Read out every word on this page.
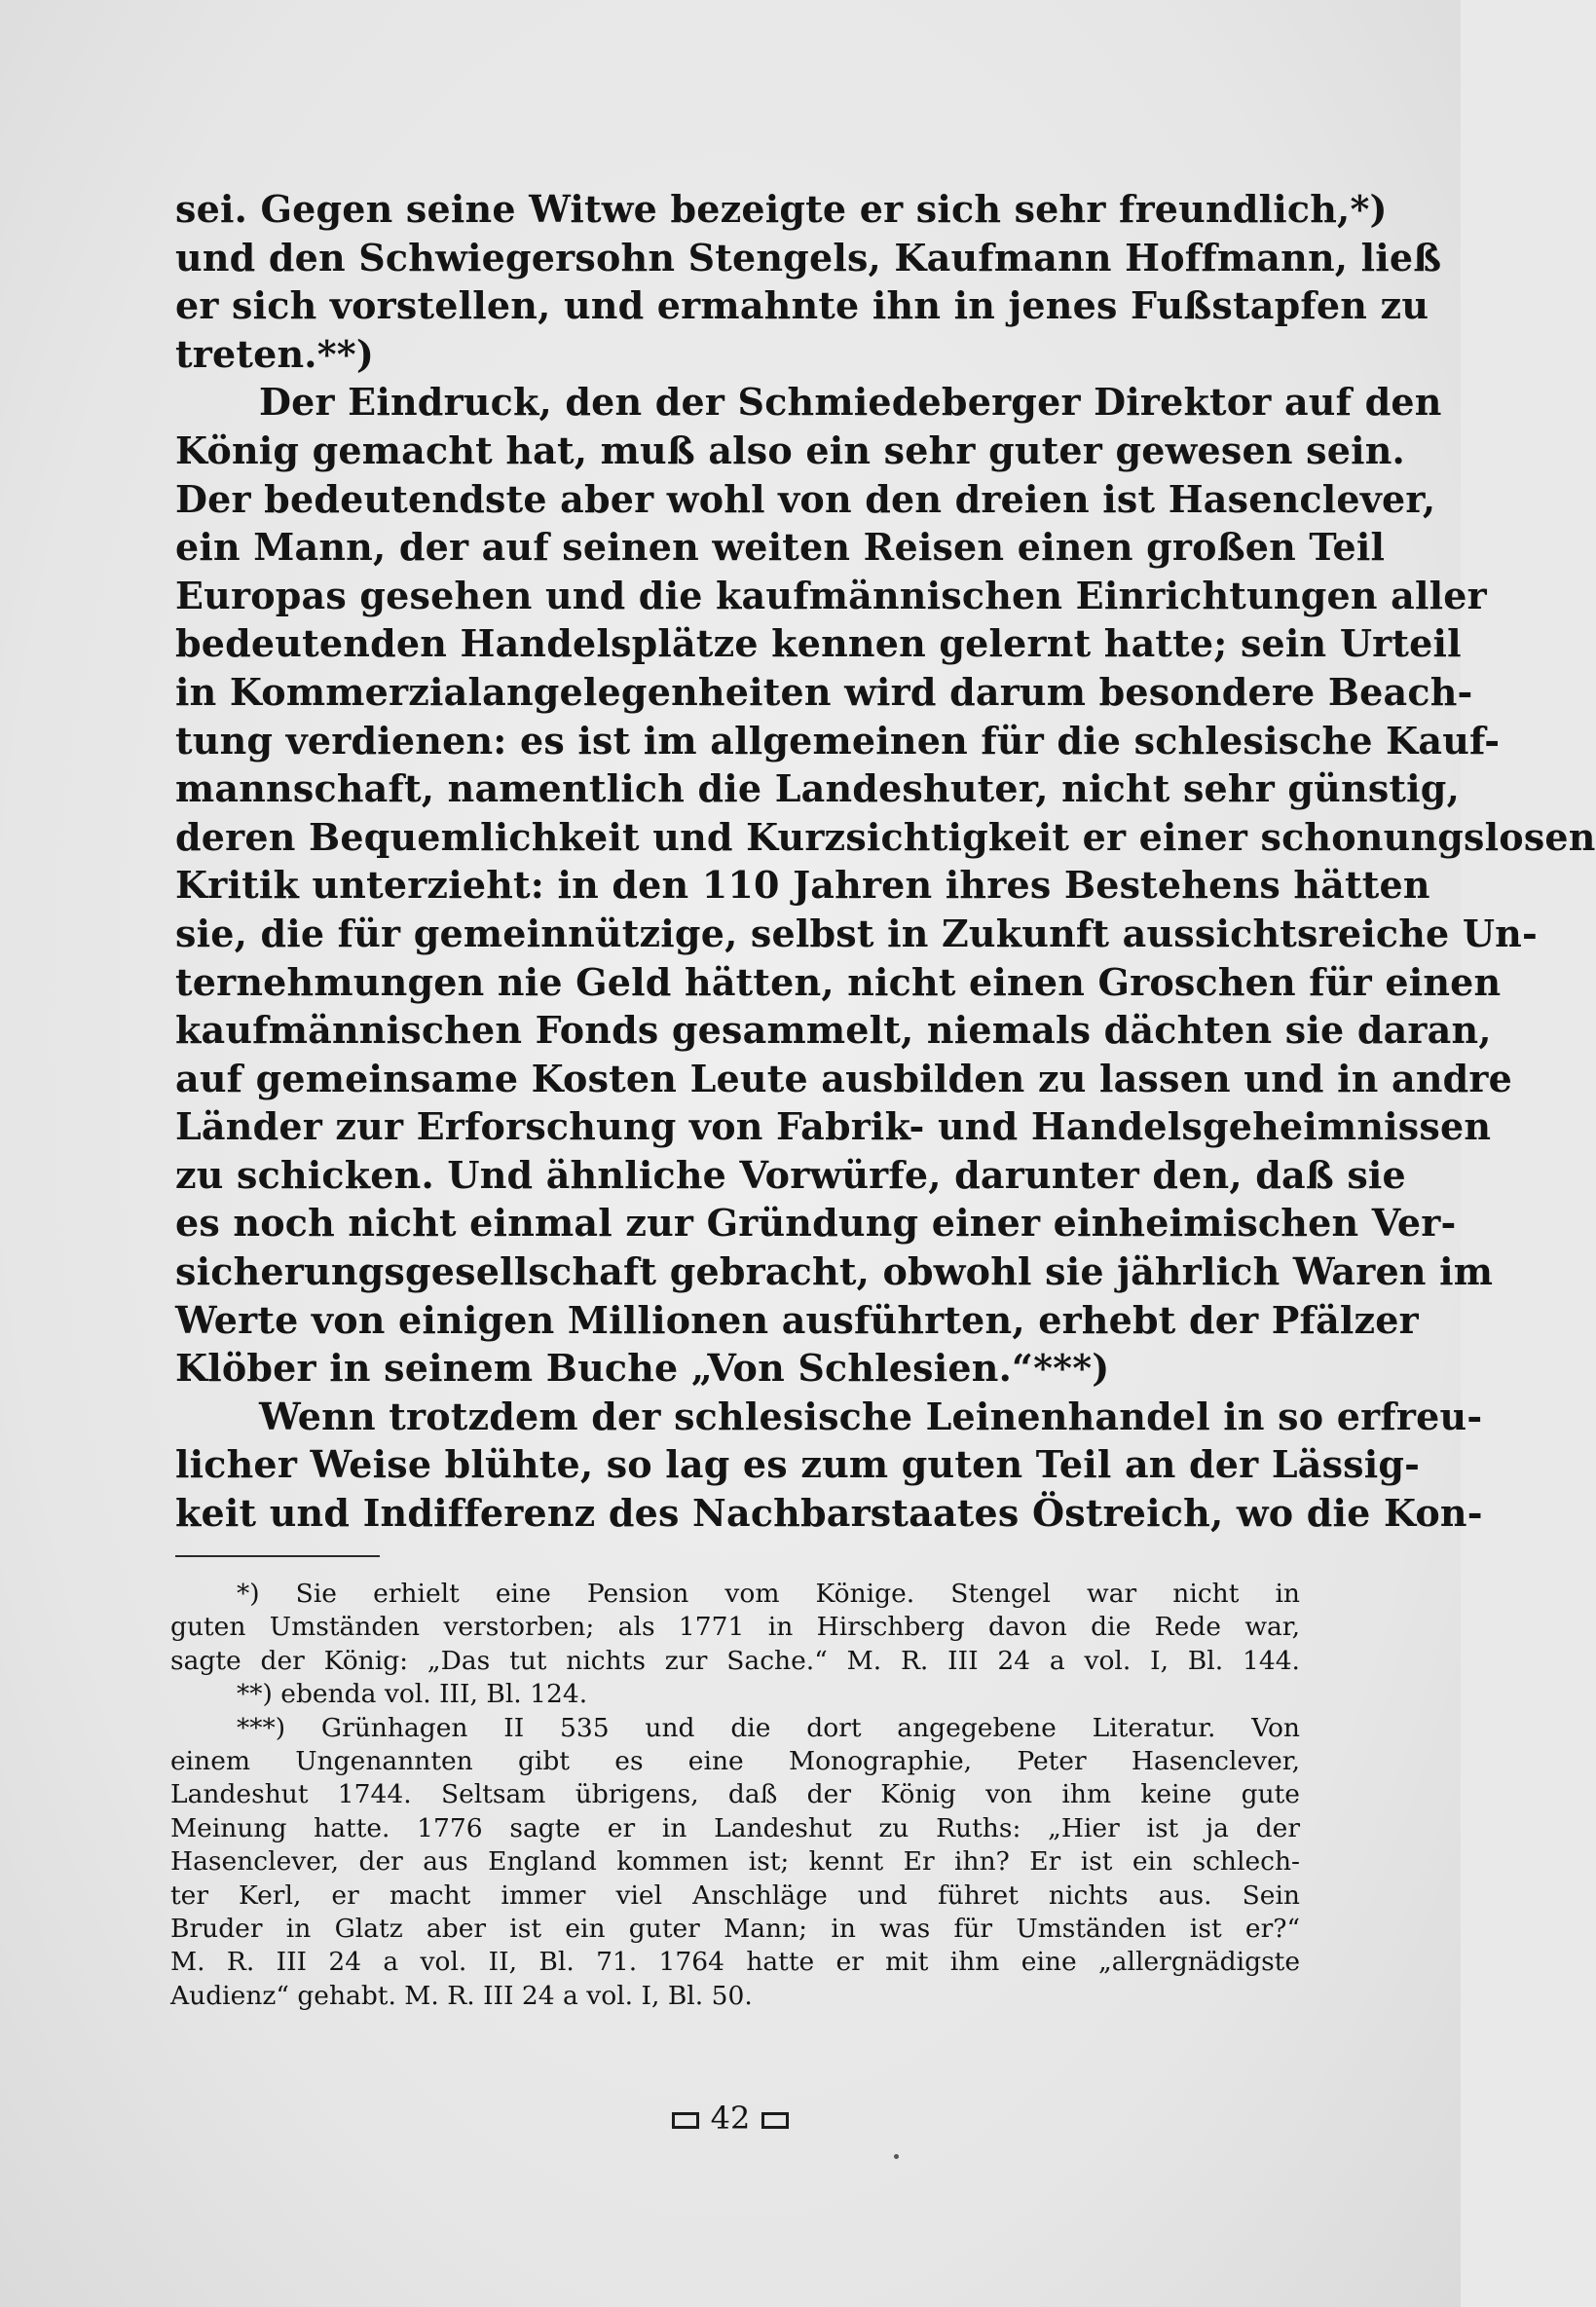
sei. Gegen seine Witwe bezeigte er sich sehr freundlich,*)
und den Schwiegersohn Stengels, Kaufmann Hoffmann, ließ
er sich vorstellen, und ermahnte ihn in jenes Fußstapfen zu
treten.**)
Der Eindruck, den der Schmiedeberger Direktor auf den
König gemacht hat, muß also ein sehr guter gewesen sein.
Der bedeutendste aber wohl von den dreien ist Hasenclever,
ein Mann, der auf seinen weiten Reisen einen großen Teil
Europas gesehen und die kaufmännischen Einrichtungen aller
bedeutenden Handelsplätze kennen gelernt hatte; sein Urteil
in Kommerzialangelegenheiten wird darum besondere Beach-
tung verdienen: es ist im allgemeinen für die schlesische Kauf-
mannschaft, namentlich die Landeshuter, nicht sehr günstig,
deren Bequemlichkeit und Kurzsichtigkeit er einer schonungslosen
Kritik unterzieht: in den 110 Jahren ihres Bestehens hätten
sie, die für gemeinnützige, selbst in Zukunft aussichtsreiche Un-
ternehmungen nie Geld hätten, nicht einen Groschen für einen
kaufmännischen Fonds gesammelt, niemals dächten sie daran,
auf gemeinsame Kosten Leute ausbilden zu lassen und in andre
Länder zur Erforschung von Fabrik- und Handelsgeheimnissen
zu schicken. Und ähnliche Vorwürfe, darunter den, daß sie
es noch nicht einmal zur Gründung einer einheimischen Ver-
sicherungsgesellschaft gebracht, obwohl sie jährlich Waren im
Werte von einigen Millionen ausführten, erhebt der Pfälzer
Klöber in seinem Buche „Von Schlesien.“***)
Wenn trotzdem der schlesische Leinenhandel in so erfreu-
licher Weise blühte, so lag es zum guten Teil an der Lässig-
keit und Indifferenz des Nachbarstaates Östreich, wo die Kon-
*) Sie erhielt eine Pension vom Könige. Stengel war nicht in
guten Umständen verstorben; als 1771 in Hirschberg davon die Rede war,
sagte der König: „Das tut nichts zur Sache.“ M. R. III 24 a vol. I, Bl. 144.
**) ebenda vol. III, Bl. 124.
***) Grünhagen II 535 und die dort angegebene Literatur. Von
einem Ungenannten gibt es eine Monographie, Peter Hasenclever,
Landeshut 1744. Seltsam übrigens, daß der König von ihm keine gute
Meinung hatte. 1776 sagte er in Landeshut zu Ruths: „Hier ist ja der
Hasenclever, der aus England kommen ist; kennt Er ihn? Er ist ein schlech-
ter Kerl, er macht immer viel Anschläge und führet nichts aus. Sein
Bruder in Glatz aber ist ein guter Mann; in was für Umständen ist er?“
M. R. III 24 a vol. II, Bl. 71. 1764 hatte er mit ihm eine „allergnädigste
Audienz“ gehabt. M. R. III 24 a vol. I, Bl. 50.
42
